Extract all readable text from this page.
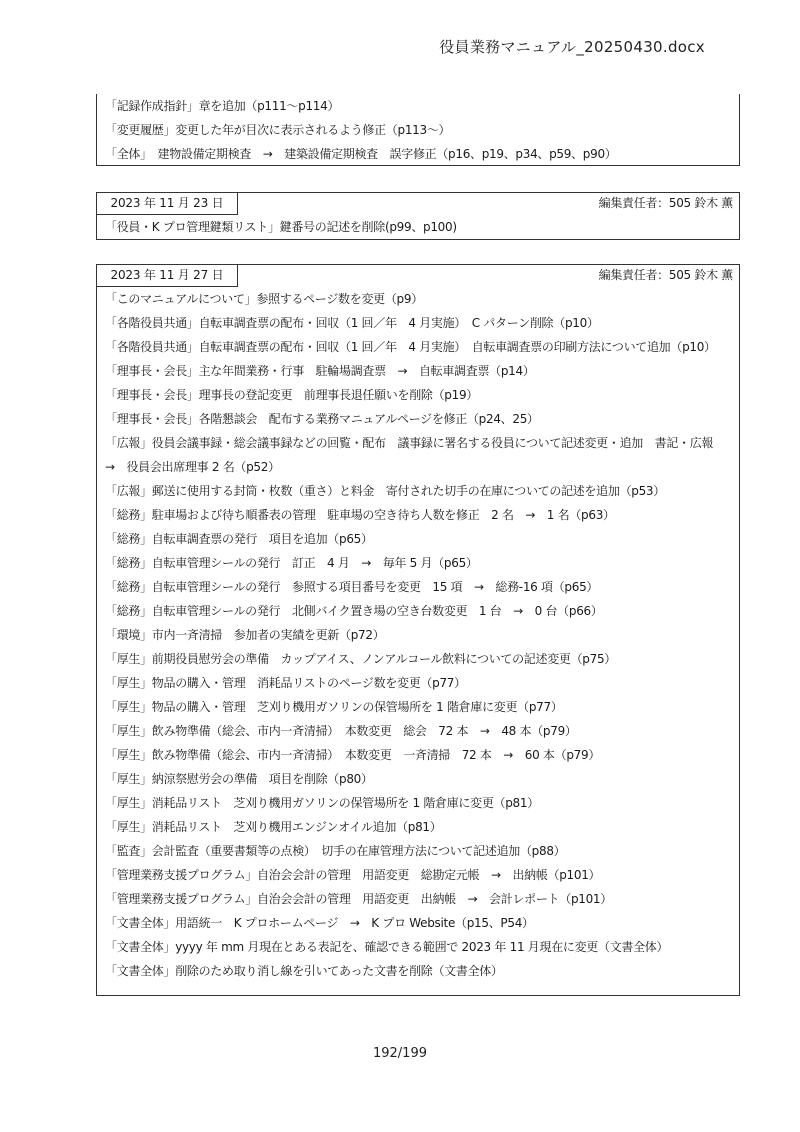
役員業務マニュアル_20250430.docx
「記録作成指針」章を追加（p111〜p114）
「変更履歴」変更した年が目次に表示されるよう修正（p113〜）
「全体」　建物設備定期検査　→　建築設備定期検査　誤字修正（p16、p19、p34、p59、p90）
2023 年 11 月 23 日	編集責任者：505 鈴木 薫
「役員・K プロ管理鍵類リスト」鍵番号の記述を削除(p99、p100)
2023 年 11 月 27 日	編集責任者：505 鈴木 薫
「このマニュアルについて」参照するページ数を変更（p9）
「各階役員共通」自転車調査票の配布・回収（1 回／年　4 月実施）　C パターン削除（p10）
「各階役員共通」自転車調査票の配布・回収（1 回／年　4 月実施）　自転車調査票の印刷方法について追加（p10）
「理事長・会長」主な年間業務・行事　駐輪場調査票　→　自転車調査票（p14）
「理事長・会長」理事長の登記変更　前理事長退任願いを削除（p19）
「理事長・会長」各階懇談会　配布する業務マニュアルページを修正（p24、25）
「広報」役員会議事録・総会議事録などの回覧・配布　議事録に署名する役員について記述変更・追加　書記・広報　→　役員会出席理事 2 名（p52）
「広報」郵送に使用する封筒・枚数（重さ）と料金　寄付された切手の在庫についての記述を追加（p53）
「総務」駐車場および待ち順番表の管理　駐車場の空き待ち人数を修正　2 名　→　1 名（p63）
「総務」自転車調査票の発行　項目を追加（p65）
「総務」自転車管理シールの発行　訂正　4 月　→　毎年 5 月（p65）
「総務」自転車管理シールの発行　参照する項目番号を変更　15 項　→　総務-16 項（p65）
「総務」自転車管理シールの発行　北側バイク置き場の空き台数変更　1 台　→　0 台（p66）
「環境」市内一斉清掃　参加者の実績を更新（p72）
「厚生」前期役員慰労会の準備　カップアイス、ノンアルコール飲料についての記述変更（p75）
「厚生」物品の購入・管理　消耗品リストのページ数を変更（p77）
「厚生」物品の購入・管理　芝刈り機用ガソリンの保管場所を 1 階倉庫に変更（p77）
「厚生」飲み物準備（総会、市内一斉清掃）　本数変更　総会　72 本　→　48 本（p79）
「厚生」飲み物準備（総会、市内一斉清掃）　本数変更　一斉清掃　72 本　→　60 本（p79）
「厚生」納涼祭慰労会の準備　項目を削除（p80）
「厚生」消耗品リスト　芝刈り機用ガソリンの保管場所を 1 階倉庫に変更（p81）
「厚生」消耗品リスト　芝刈り機用エンジンオイル追加（p81）
「監査」会計監査（重要書類等の点検）　切手の在庫管理方法について記述追加（p88）
「管理業務支援プログラム」自治会会計の管理　用語変更　総勘定元帳　→　出納帳（p101）
「管理業務支援プログラム」自治会会計の管理　用語変更　出納帳　→　会計レポート（p101）
「文書全体」用語統一　K プロホームページ　→　K プロ Website（p15、P54）
「文書全体」yyyy 年 mm 月現在とある表記を、確認できる範囲で 2023 年 11 月現在に変更（文書全体）
「文書全体」削除のため取り消し線を引いてあった文書を削除（文書全体）
192/199
